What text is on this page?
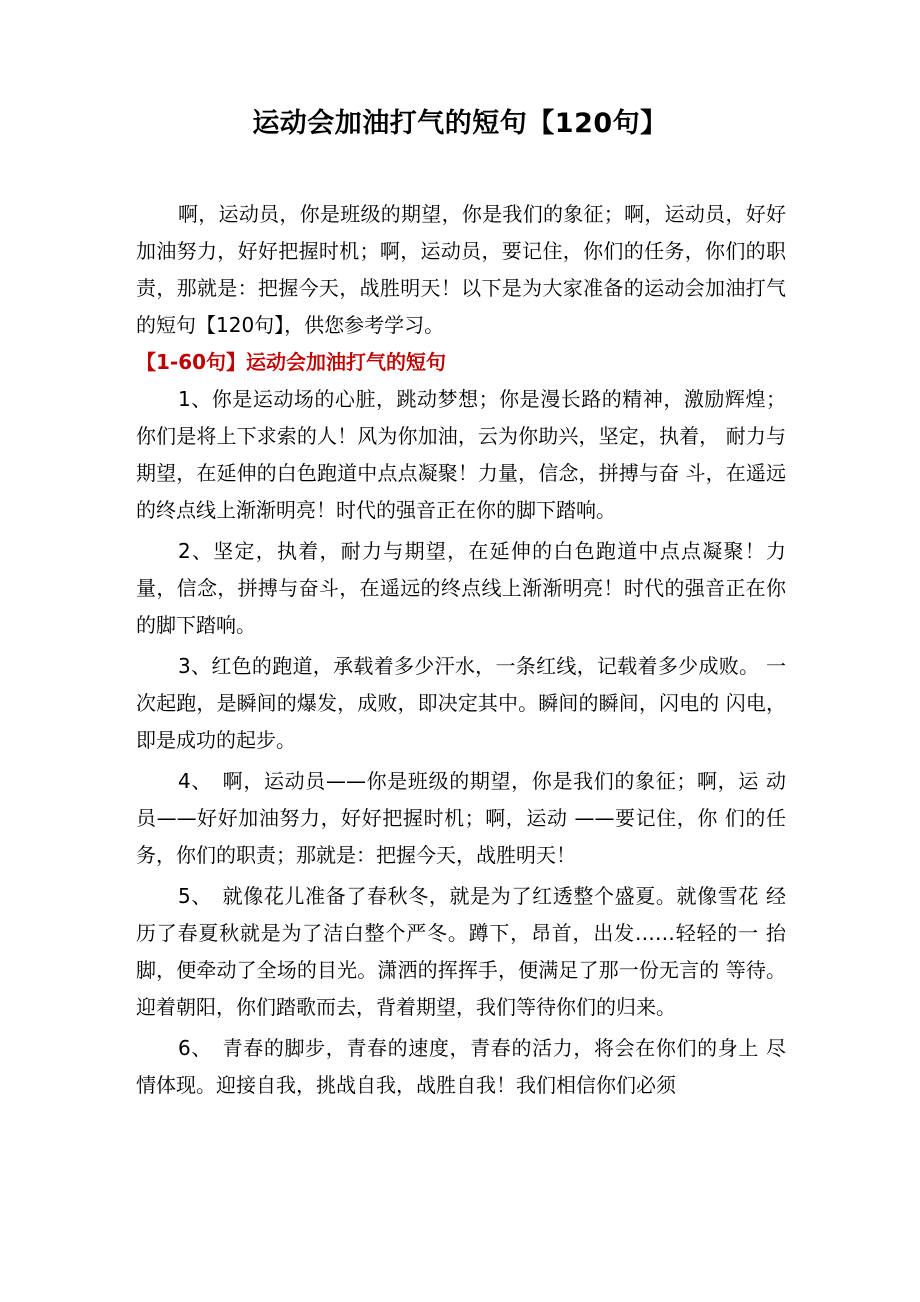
运动会加油打气的短句【120句】

啊，运动员，你是班级的期望，你是我们的象征；啊，运动员，好好加油努力，好好把握时机；啊，运动员，要记住，你们的任务，你们的职责，那就是：把握今天，战胜明天！以下是为大家准备的运动会加油打气的短句【120句】，供您参考学习。

【1-60句】运动会加油打气的短句

1、你是运动场的心脏，跳动梦想；你是漫长路的精神，激励辉煌；你们是将上下求索的人！风为你加油，云为你助兴，坚定，执着， 耐力与期望，在延伸的白色跑道中点点凝聚！力量，信念，拼搏与奋 斗，在遥远的终点线上渐渐明亮！时代的强音正在你的脚下踏响。

2、坚定，执着，耐力与期望，在延伸的白色跑道中点点凝聚！力量，信念，拼搏与奋斗，在遥远的终点线上渐渐明亮！时代的强音正在你的脚下踏响。

3、红色的跑道，承载着多少汗水，一条红线，记载着多少成败。 一次起跑，是瞬间的爆发，成败，即决定其中。瞬间的瞬间，闪电的 闪电，即是成功的起步。

4、　啊，运动员——你是班级的期望，你是我们的象征；啊，运 动员——好好加油努力，好好把握时机；啊，运动 ——要记住，你 们的任务，你们的职责；那就是：把握今天，战胜明天！

5、　就像花儿准备了春秋冬，就是为了红透整个盛夏。就像雪花 经历了春夏秋就是为了洁白整个严冬。蹲下，昂首，出发……轻轻的一 抬脚，便牵动了全场的目光。潇洒的挥挥手，便满足了那一份无言的 等待。迎着朝阳，你们踏歌而去，背着期望，我们等待你们的归来。

6、　青春的脚步，青春的速度，青春的活力，将会在你们的身上 尽情体现。迎接自我，挑战自我，战胜自我！我们相信你们必须
